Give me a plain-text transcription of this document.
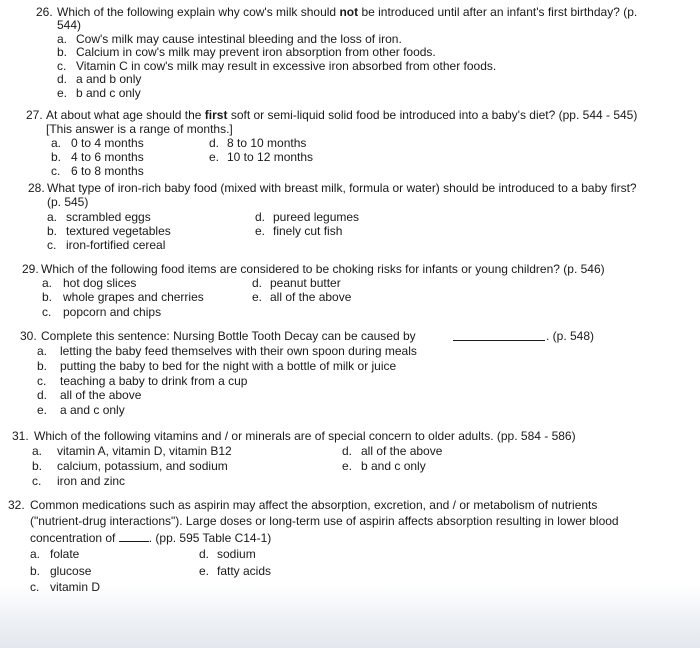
26. Which of the following explain why cow's milk should not be introduced until after an infant's first birthday? (p.
544)
a. Cow's milk may cause intestinal bleeding and the loss of iron.
b. Calcium in cow's milk may prevent iron absorption from other foods.
c. Vitamin C in cow's milk may result in excessive iron absorbed from other foods.
d. a and b only
e. b and c only
27. At about what age should the first soft or semi-liquid solid food be introduced into a baby's diet? (pp. 544 - 545)
[This answer is a range of months.]
a. 0 to 4 months
b. 4 to 6 months
c. 6 to 8 months
d. 8 to 10 months
e. 10 to 12 months
28. What type of iron-rich baby food (mixed with breast milk, formula or water) should be introduced to a baby first?
(p. 545)
a. scrambled eggs
b. textured vegetables
c. iron-fortified cereal
d. pureed legumes
e. finely cut fish
29. Which of the following food items are considered to be choking risks for infants or young children? (p. 546)
a. hot dog slices
b. whole grapes and cherries
c. popcorn and chips
d. peanut butter
e. all of the above
30. Complete this sentence: Nursing Bottle Tooth Decay can be caused by	. (p. 548)
a. letting the baby feed themselves with their own spoon during meals
b. putting the baby to bed for the night with a bottle of milk or juice
c. teaching a baby to drink from a cup
d. all of the above
e. a and c only
31. Which of the following vitamins and / or minerals are of special concern to older adults. (pp. 584 - 586)
a. vitamin A, vitamin D, vitamin B12
b. calcium, potassium, and sodium
c. iron and zinc
d. all of the above
e. b and c only
32. Common medications such as aspirin may affect the absorption, excretion, and / or metabolism of nutrients
("nutrient-drug interactions"). Large doses or long-term use of aspirin affects absorption resulting in lower blood
concentration of	. (pp. 595 Table C14-1)
a. folate
b. glucose
c. vitamin D
d. sodium
e. fatty acids
